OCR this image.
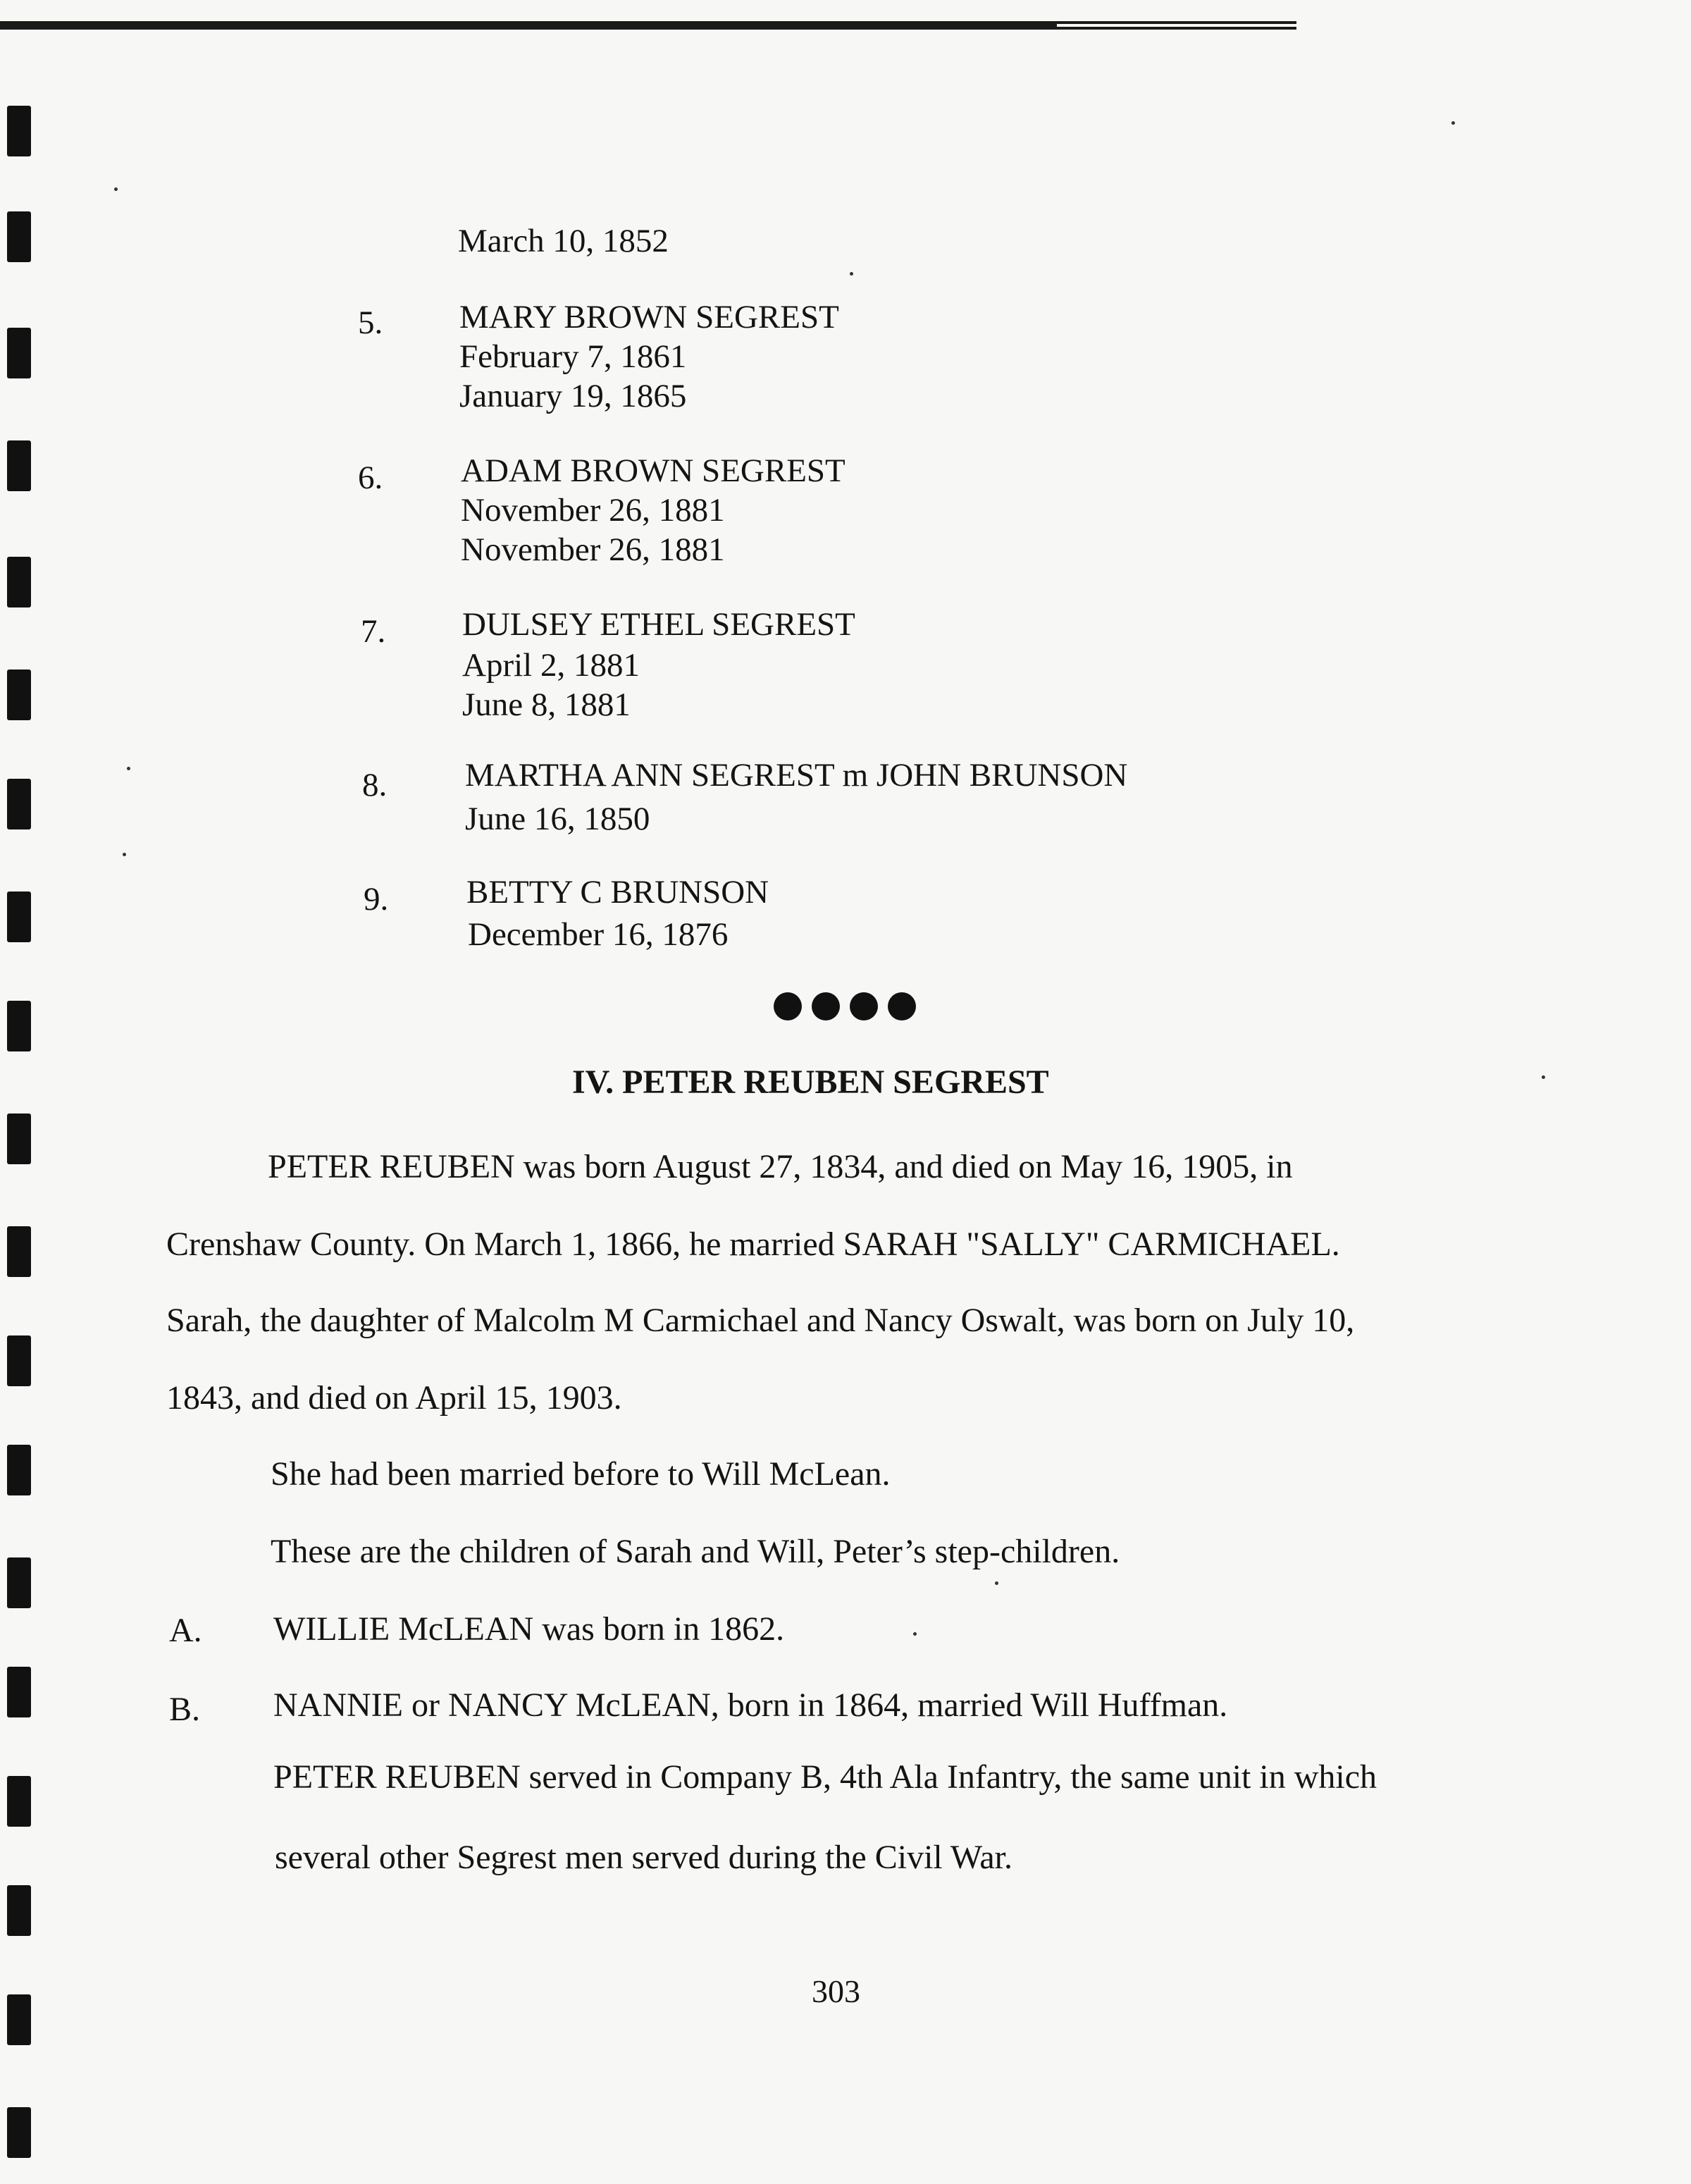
March 10, 1852
5. MARY BROWN SEGREST
February 7, 1861
January 19, 1865
6. ADAM BROWN SEGREST
November 26, 1881
November 26, 1881
7. DULSEY ETHEL SEGREST
April 2, 1881
June 8, 1881
8. MARTHA ANN SEGREST m JOHN BRUNSON
June 16, 1850
9. BETTY C BRUNSON
December 16, 1876
IV. PETER REUBEN SEGREST
PETER REUBEN was born August 27, 1834, and died on May 16, 1905, in
Crenshaw County. On March 1, 1866, he married SARAH "SALLY" CARMICHAEL.
Sarah, the daughter of Malcolm M Carmichael and Nancy Oswalt, was born on July 10,
1843, and died on April 15, 1903.
She had been married before to Will McLean.
These are the children of Sarah and Will, Peter’s step-children.
A. WILLIE McLEAN was born in 1862.
B. NANNIE or NANCY McLEAN, born in 1864, married Will Huffman.
PETER REUBEN served in Company B, 4th Ala Infantry, the same unit in which
several other Segrest men served during the Civil War.
303
